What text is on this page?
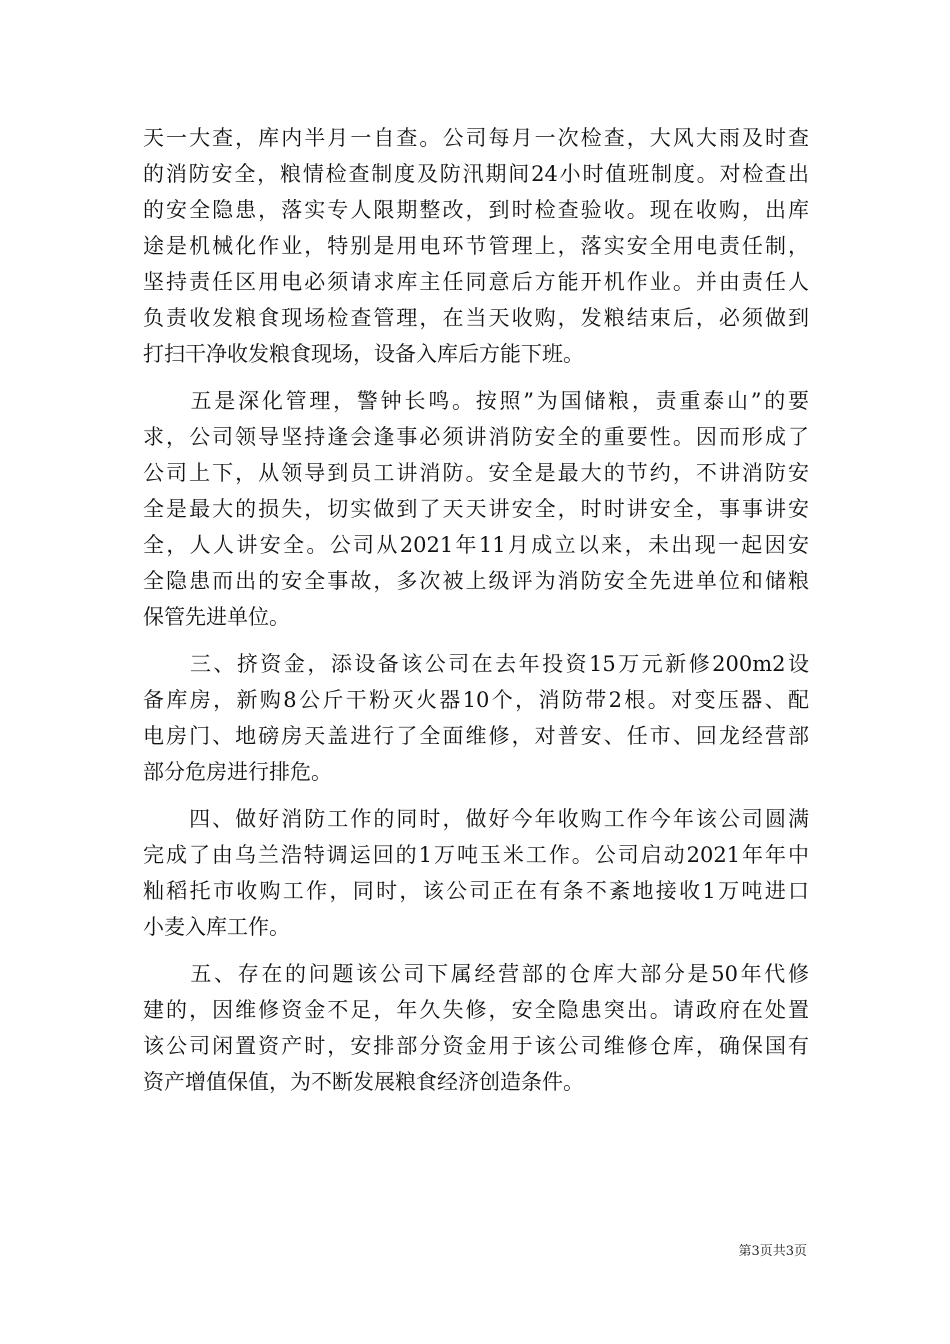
天一大查，库内半月一自查。公司每月一次检查，大风大雨及时查
的消防安全，粮情检查制度及防汛期间24小时值班制度。对检查出
的安全隐患，落实专人限期整改，到时检查验收。现在收购，出库
途是机械化作业，特别是用电环节管理上，落实安全用电责任制，
坚持责任区用电必须请求库主任同意后方能开机作业。并由责任人
负责收发粮食现场检查管理，在当天收购，发粮结束后，必须做到
打扫干净收发粮食现场，设备入库后方能下班。
　　五是深化管理，警钟长鸣。按照”为国储粮，责重泰山”的要
求，公司领导坚持逢会逢事必须讲消防安全的重要性。因而形成了
公司上下，从领导到员工讲消防。安全是最大的节约，不讲消防安
全是最大的损失，切实做到了天天讲安全，时时讲安全，事事讲安
全，人人讲安全。公司从2021年11月成立以来，未出现一起因安
全隐患而出的安全事故，多次被上级评为消防安全先进单位和储粮
保管先进单位。
　　三、挤资金，添设备该公司在去年投资15万元新修200m2设
备库房，新购8公斤干粉灭火器10个，消防带2根。对变压器、配
电房门、地磅房天盖进行了全面维修，对普安、任市、回龙经营部
部分危房进行排危。
　　四、做好消防工作的同时，做好今年收购工作今年该公司圆满
完成了由乌兰浩特调运回的1万吨玉米工作。公司启动2021年年中
籼稻托市收购工作，同时，该公司正在有条不紊地接收1万吨进口
小麦入库工作。
　　五、存在的问题该公司下属经营部的仓库大部分是50年代修
建的，因维修资金不足，年久失修，安全隐患突出。请政府在处置
该公司闲置资产时，安排部分资金用于该公司维修仓库，确保国有
资产增值保值，为不断发展粮食经济创造条件。
第3页共3页
